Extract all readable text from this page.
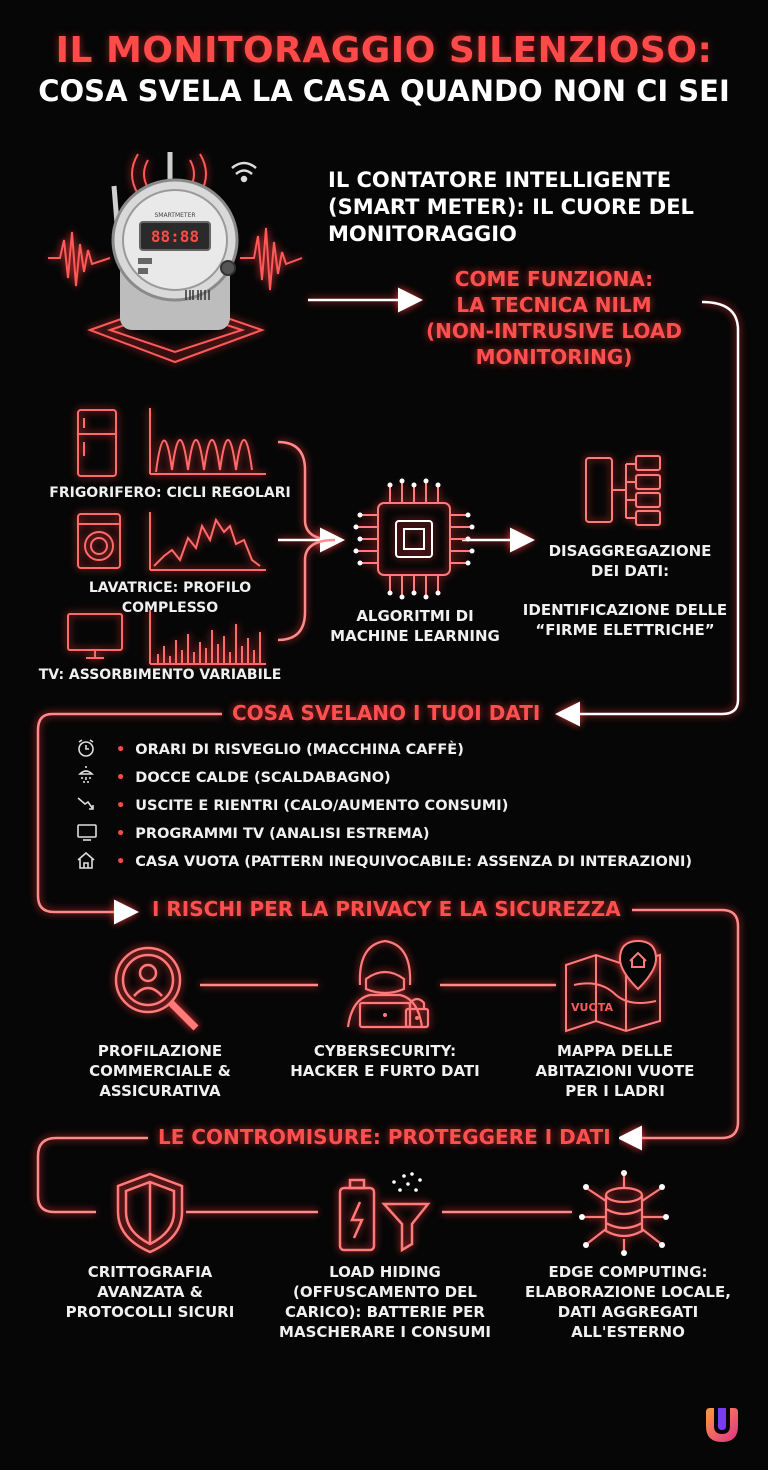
IL MONITORAGGIO SILENZIOSO:
COSA SVELA LA CASA QUANDO NON CI SEI
88:88
SMARTMETER
IL CONTATORE INTELLIGENTE
(SMART METER): IL CUORE DEL
MONITORAGGIO
COME FUNZIONA:
LA TECNICA NILM
(NON-INTRUSIVE LOAD
MONITORING)
FRIGORIFERO: CICLI REGOLARI
LAVATRICE: PROFILO COMPLESSO
TV: ASSORBIMENTO VARIABILE
ALGORITMI DI
MACHINE LEARNING
DISAGGREGAZIONE
DEI DATI:
IDENTIFICAZIONE DELLE
“FIRME ELETTRICHE”
COSA SVELANO I TUOI DATI
• ORARI DI RISVEGLIO (MACCHINA CAFFÈ)
• DOCCE CALDE (SCALDABAGNO)
• USCITE E RIENTRI (CALO/AUMENTO CONSUMI)
• PROGRAMMI TV (ANALISI ESTREMA)
• CASA VUOTA (PATTERN INEQUIVOCABILE: ASSENZA DI INTERAZIONI)
I RISCHI PER LA PRIVACY E LA SICUREZZA
PROFILAZIONE
COMMERCIALE &
ASSICURATIVA
CYBERSECURITY:
HACKER E FURTO DATI
VUOTA
MAPPA DELLE
ABITAZIONI VUOTE
PER I LADRI
LE CONTROMISURE: PROTEGGERE I DATI
CRITTOGRAFIA
AVANZATA &
PROTOCOLLI SICURI
LOAD HIDING
(OFFUSCAMENTO DEL
CARICO): BATTERIE PER
MASCHERARE I CONSUMI
EDGE COMPUTING:
ELABORAZIONE LOCALE,
DATI AGGREGATI
ALL'ESTERNO
